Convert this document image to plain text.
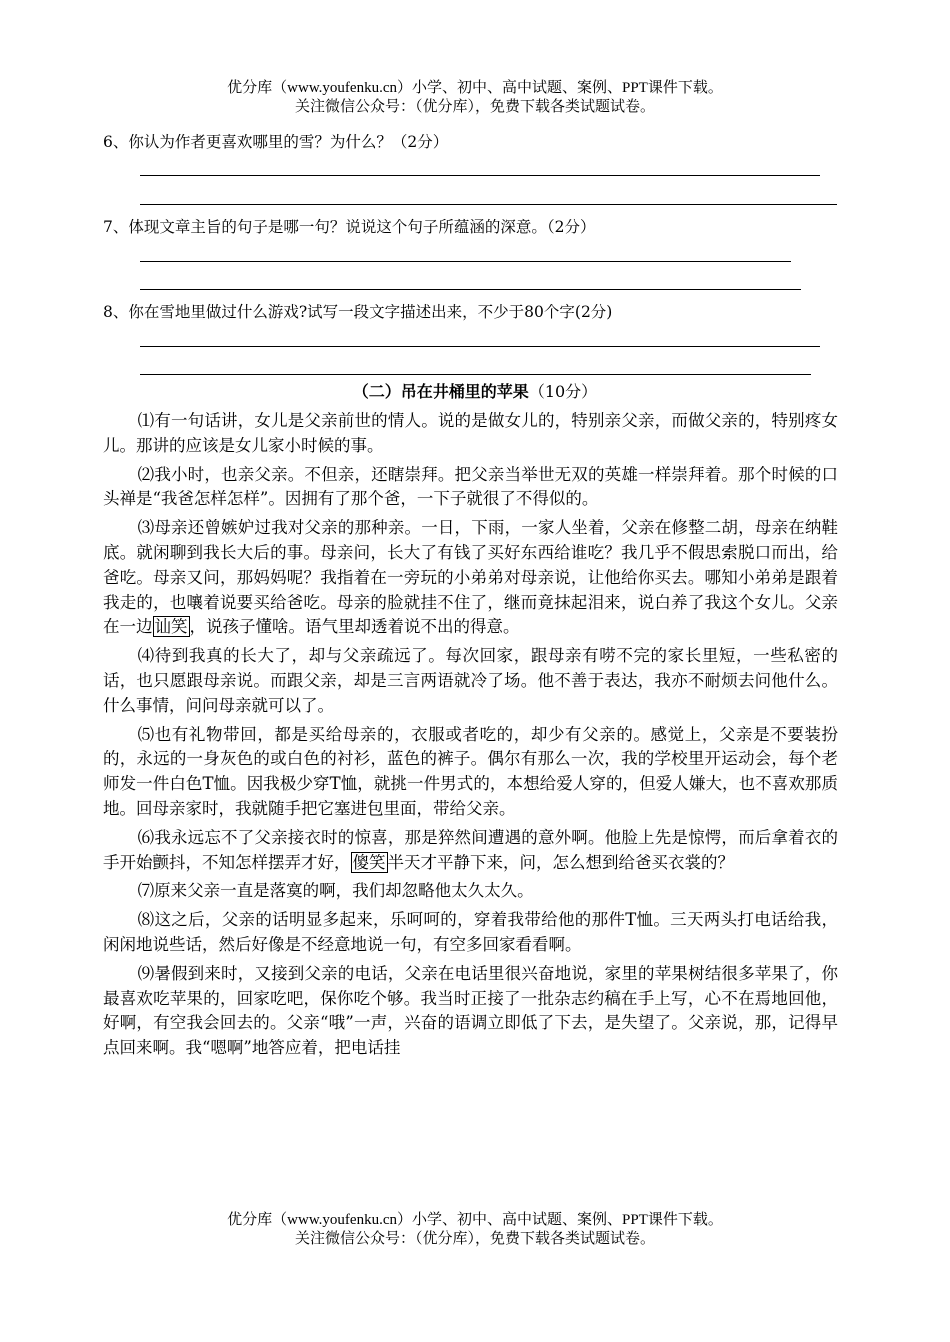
优分库（www.youfenku.cn）小学、初中、高中试题、案例、PPT课件下载。
关注微信公众号：（优分库），免费下载各类试题试卷。
6、你认为作者更喜欢哪里的雪？为什么？（2分）
7、体现文章主旨的句子是哪一句？说说这个句子所蕴涵的深意。（2分）
8、你在雪地里做过什么游戏?试写一段文字描述出来，不少于80个字(2分)
（二）吊在井桶里的苹果（10分）

⑴有一句话讲，女儿是父亲前世的情人。说的是做女儿的，特别亲父亲，而做父亲的，特别疼女儿。那讲的应该是女儿家小时候的事。

⑵我小时，也亲父亲。不但亲，还瞎崇拜。把父亲当举世无双的英雄一样崇拜着。那个时候的口头禅是“我爸怎样怎样”。因拥有了那个爸，一下子就很了不得似的。

⑶母亲还曾嫉妒过我对父亲的那种亲。一日，下雨，一家人坐着，父亲在修整二胡，母亲在纳鞋底。就闲聊到我长大后的事。母亲问，长大了有钱了买好东西给谁吃？我几乎不假思索脱口而出，给爸吃。母亲又问，那妈妈呢？我指着在一旁玩的小弟弟对母亲说，让他给你买去。哪知小弟弟是跟着我走的，也嚷着说要买给爸吃。母亲的脸就挂不住了，继而竟抹起泪来，说白养了我这个女儿。父亲在一边 讪笑 ，说孩子懂啥。语气里却透着说不出的得意。

⑷待到我真的长大了，却与父亲疏远了。每次回家，跟母亲有唠不完的家长里短，一些私密的话，也只愿跟母亲说。而跟父亲，却是三言两语就冷了场。他不善于表达，我亦不耐烦去问他什么。什么事情，问问母亲就可以了。

⑸也有礼物带回，都是买给母亲的，衣服或者吃的，却少有父亲的。感觉上，父亲是不要装扮的，永远的一身灰色的或白色的衬衫，蓝色的裤子。偶尔有那么一次，我的学校里开运动会，每个老师发一件白色T恤。因我极少穿T恤，就挑一件男式的，本想给爱人穿的，但爱人嫌大，也不喜欢那质地。回母亲家时，我就随手把它塞进包里面，带给父亲。

⑹我永远忘不了父亲接衣时的惊喜，那是猝然间遭遇的意外啊。他脸上先是惊愕，而后拿着衣的手开始颤抖，不知怎样摆弄才好， 傻笑 半天才平静下来，问，怎么想到给爸买衣裳的？

⑺原来父亲一直是落寞的啊，我们却忽略他太久太久。

⑻这之后，父亲的话明显多起来，乐呵呵的，穿着我带给他的那件T恤。三天两头打电话给我，闲闲地说些话，然后好像是不经意地说一句，有空多回家看看啊。

⑼暑假到来时，又接到父亲的电话，父亲在电话里很兴奋地说，家里的苹果树结很多苹果了，你最喜欢吃苹果的，回家吃吧，保你吃个够。我当时正接了一批杂志约稿在手上写，心不在焉地回他，好啊，有空我会回去的。父亲“哦”一声，兴奋的语调立即低了下去，是失望了。父亲说，那，记得早点回来啊。我“嗯啊”地答应着，把电话挂

优分库（www.youfenku.cn）小学、初中、高中试题、案例、PPT课件下载。
关注微信公众号：（优分库），免费下载各类试题试卷。
